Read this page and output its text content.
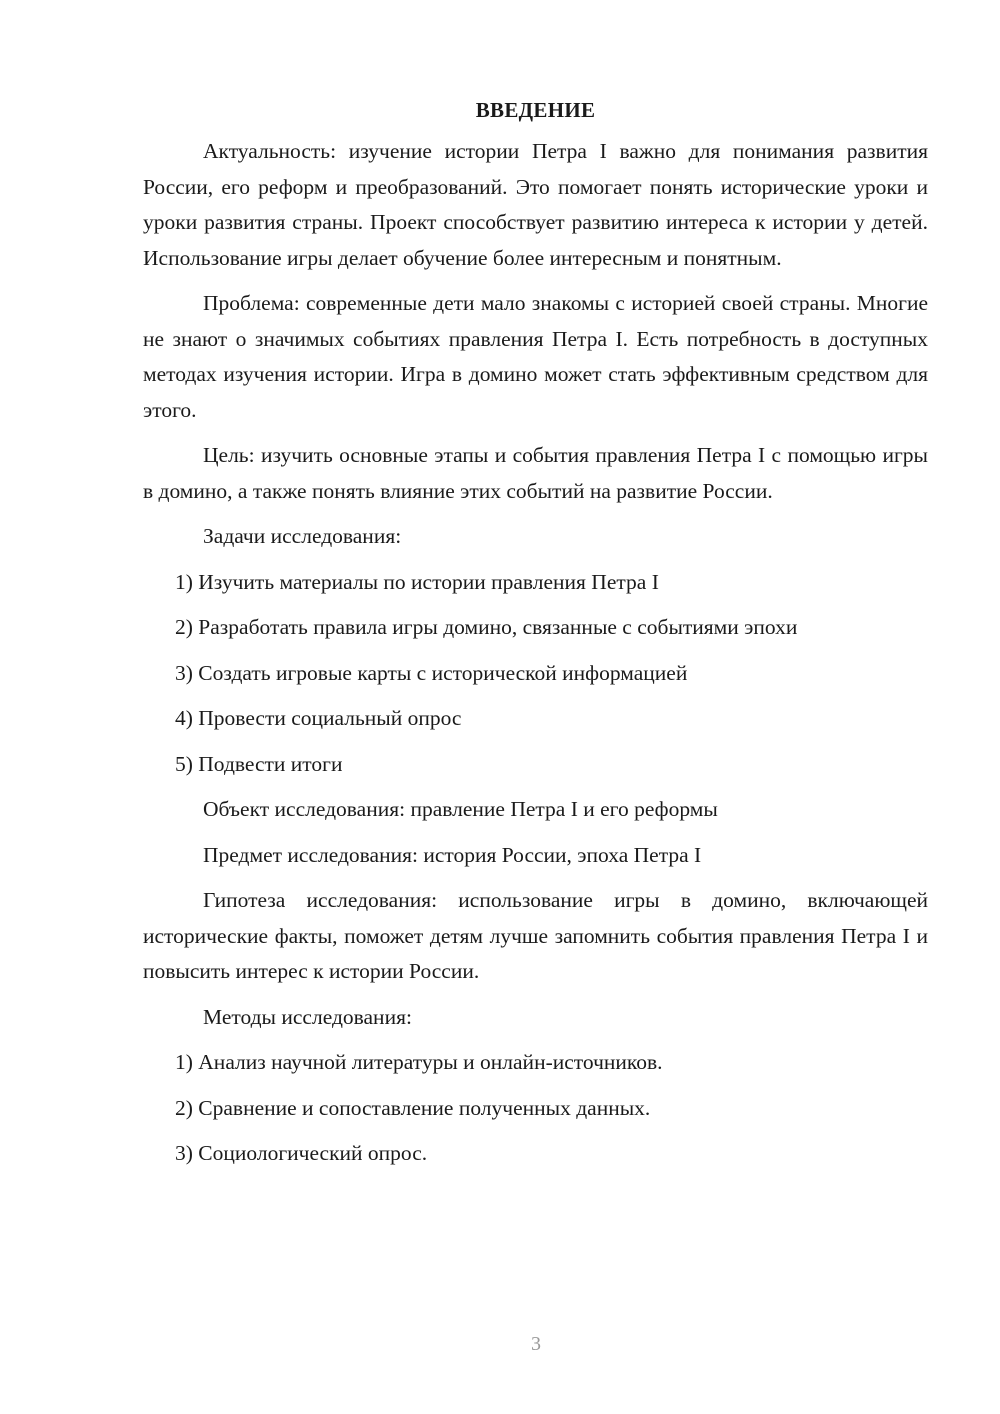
ВВЕДЕНИЕ

Актуальность: изучение истории Петра I важно для понимания развития России, его реформ и преобразований. Это помогает понять исторические уроки и уроки развития страны. Проект способствует развитию интереса к истории у детей. Использование игры делает обучение более интересным и понятным.

Проблема: современные дети мало знакомы с историей своей страны. Многие не знают о значимых событиях правления Петра I. Есть потребность в доступных методах изучения истории. Игра в домино может стать эффективным средством для этого.

Цель: изучить основные этапы и события правления Петра I с помощью игры в домино, а также понять влияние этих событий на развитие России.

Задачи исследования:
1) Изучить материалы по истории правления Петра I
2) Разработать правила игры домино, связанные с событиями эпохи
3) Создать игровые карты с исторической информацией
4) Провести социальный опрос
5) Подвести итоги
Объект исследования: правление Петра I и его реформы
Предмет исследования: история России, эпоха Петра I

Гипотеза исследования: использование игры в домино, включающей исторические факты, поможет детям лучше запомнить события правления Петра I и повысить интерес к истории России.

Методы исследования:
1) Анализ научной литературы и онлайн-источников.
2) Сравнение и сопоставление полученных данных.
3) Социологический опрос.
3
